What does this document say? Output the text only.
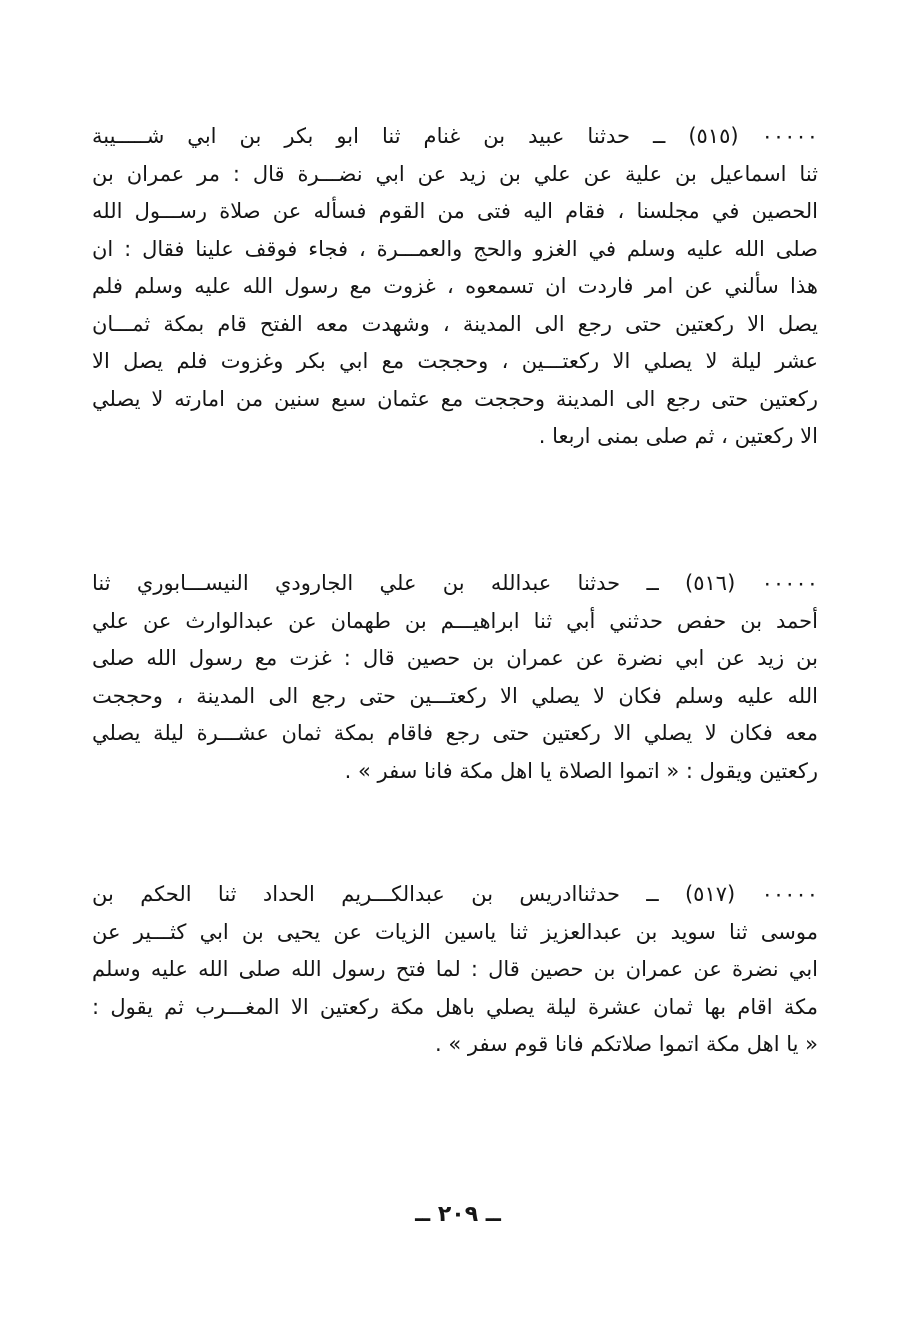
٠٠٠٠٠ (٥١٥) ــ حدثنا عبيد بن غنام ثنا ابو بكر بن ابي شـــــيبة
ثنا اسماعيل بن علية عن علي بن زيد عن ابي نضـــرة قال : مر عمران بن
الحصين في مجلسنا ، فقام اليه فتى من القوم فسأله عن صلاة رســـول الله
صلى الله عليه وسلم في الغزو والحج والعمـــرة ، فجاء فوقف علينا فقال : ان
هذا سألني عن امر فاردت ان تسمعوه ، غزوت مع رسول الله عليه وسلم فلم
يصل الا ركعتين حتى رجع الى المدينة ، وشهدت معه الفتح قام بمكة ثمـــان
عشر ليلة لا يصلي الا ركعتـــين ، وحججت مع ابي بكر وغزوت فلم يصل الا
ركعتين حتى رجع الى المدينة وحججت مع عثمان سبع سنين من امارته لا يصلي
الا ركعتين ، ثم صلى بمنى اربعا .
٠٠٠٠٠ (٥١٦) ــ حدثنا عبدالله بن علي الجارودي النيســـابوري ثنا
أحمد بن حفص حدثني أبي ثنا ابراهيـــم بن طهمان عن عبدالوارث عن علي
بن زيد عن ابي نضرة عن عمران بن حصين قال : غزت مع رسول الله صلى
الله عليه وسلم فكان لا يصلي الا ركعتـــين حتى رجع الى المدينة ، وحججت
معه فكان لا يصلي الا ركعتين حتى رجع فاقام بمكة ثمان عشـــرة ليلة يصلي
ركعتين ويقول : « اتموا الصلاة يا اهل مكة فانا سفر » .
٠٠٠٠٠ (٥١٧) ــ حدثناادريس بن عبدالكـــريم الحداد ثنا الحكم بن
موسى ثنا سويد بن عبدالعزيز ثنا ياسين الزيات عن يحيى بن ابي كثـــير عن
ابي نضرة عن عمران بن حصين قال : لما فتح رسول الله صلى الله عليه وسلم
مكة اقام بها ثمان عشرة ليلة يصلي باهل مكة ركعتين الا المغـــرب ثم يقول :
« يا اهل مكة اتموا صلاتكم فانا قوم سفر » .
ــ ٢٠٩ ــ
